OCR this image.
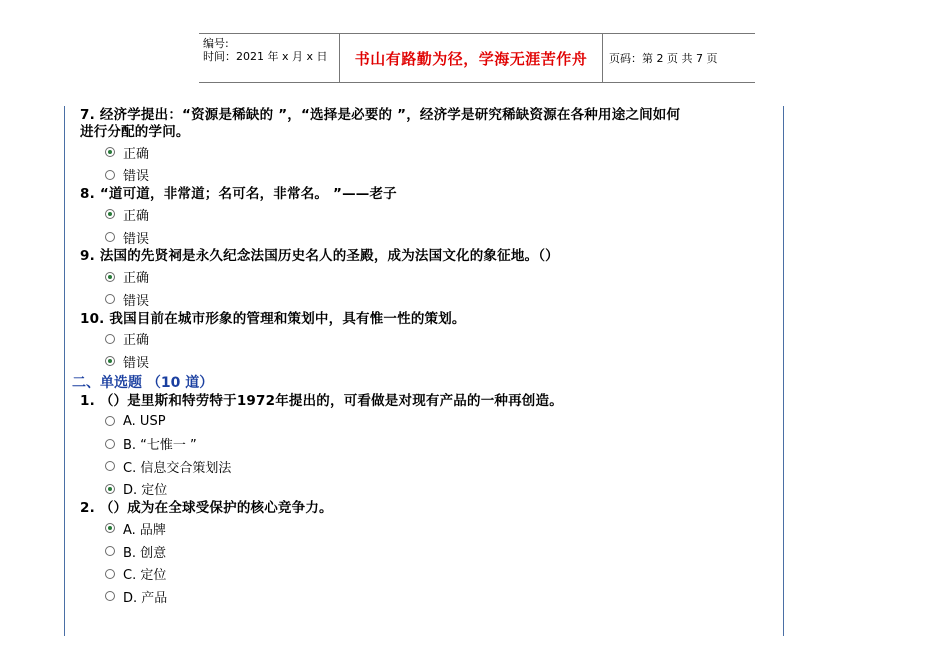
编号:
时间：2021 年 x 月 x 日	书山有路勤为径，学海无涯苦作舟	页码：第 2 页 共 7 页

7. 经济学提出：“资源是稀缺的 ”，“选择是必要的 ”，经济学是研究稀缺资源在各种用途之间如何

进行分配的学问。

正确
错误

8. “道可道，非常道；名可名，非常名。 ”——老子

正确
错误

9. 法国的先贤祠是永久纪念法国历史名人的圣殿，成为法国文化的象征地。（）

正确
错误

10. 我国目前在城市形象的管理和策划中，具有惟一性的策划。

正确
错误
二、单选题 （10 道）

1. （）是里斯和特劳特于1972年提出的，可看做是对现有产品的一种再创造。

A. USP
B. “七惟一 ”
C. 信息交合策划法
D. 定位

2. （）成为在全球受保护的核心竞争力。

A. 品牌
B. 创意
C. 定位
D. 产品
